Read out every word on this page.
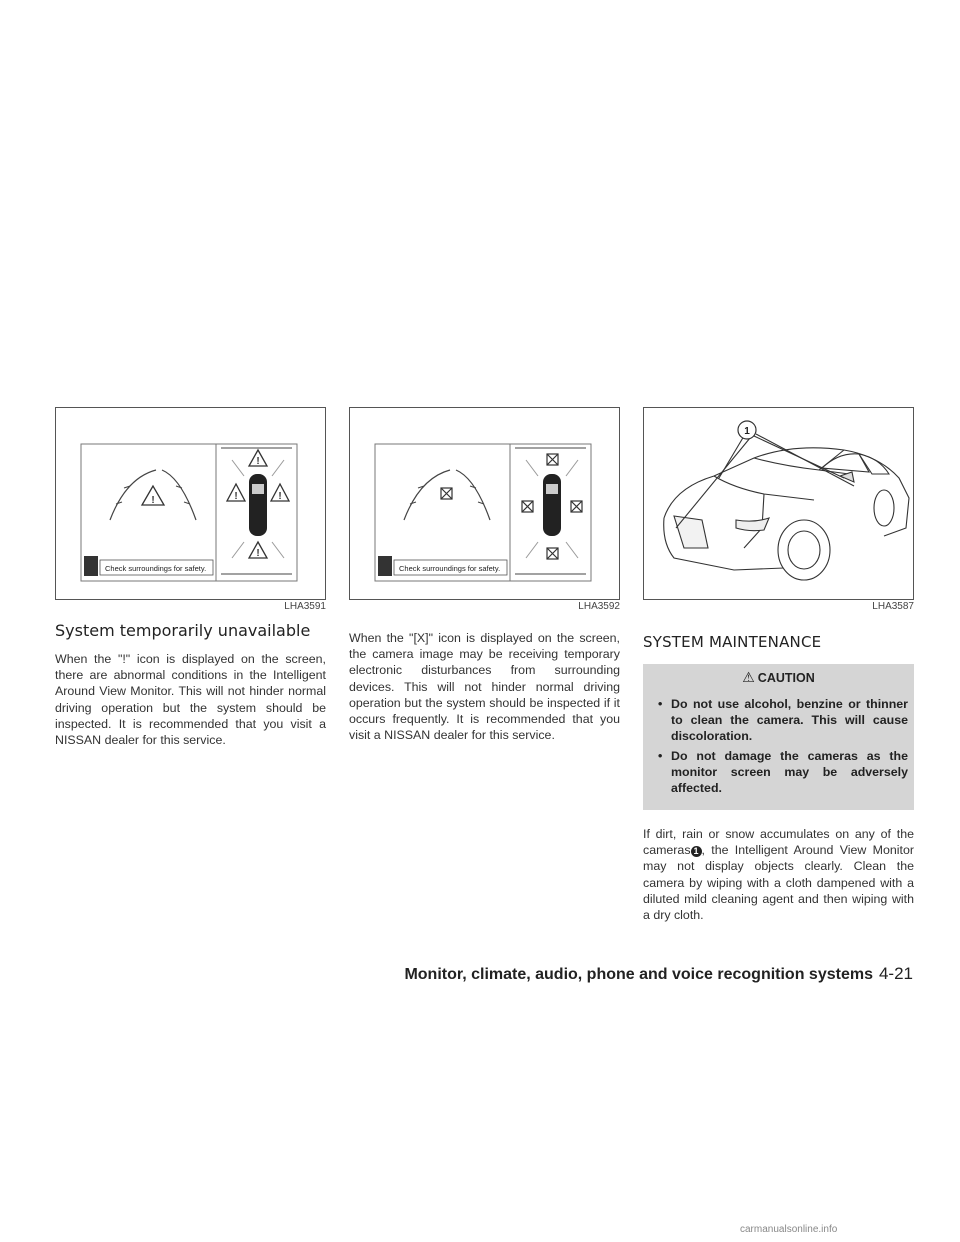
!
!
!	!
!
Check surroundings for safety.
LHA3591
Check surroundings for safety.
LHA3592
1
LHA3587
System temporarily unavailable

When the "!" icon is displayed on the screen, there are abnormal conditions in the Intelligent Around View Monitor. This will not hinder normal driving operation but the system should be inspected. It is recommended that you visit a NISSAN dealer for this service.

When the "[X]" icon is displayed on the screen, the camera image may be receiving temporary electronic disturbances from surrounding devices. This will not hinder normal driving operation but the system should be inspected if it occurs frequently. It is recommended that you visit a NISSAN dealer for this service.

SYSTEM MAINTENANCE
⚠ CAUTION
• Do not use alcohol, benzine or thinner to clean the camera. This will cause discoloration.
• Do not damage the cameras as the monitor screen may be adversely affected.

If dirt, rain or snow accumulates on any of the cameras 1 , the Intelligent Around View Monitor may not display objects clearly. Clean the camera by wiping with a cloth dampened with a diluted mild cleaning agent and then wiping with a dry cloth.

Monitor, climate, audio, phone and voice recognition systems 4-21
carmanualsonline.info
